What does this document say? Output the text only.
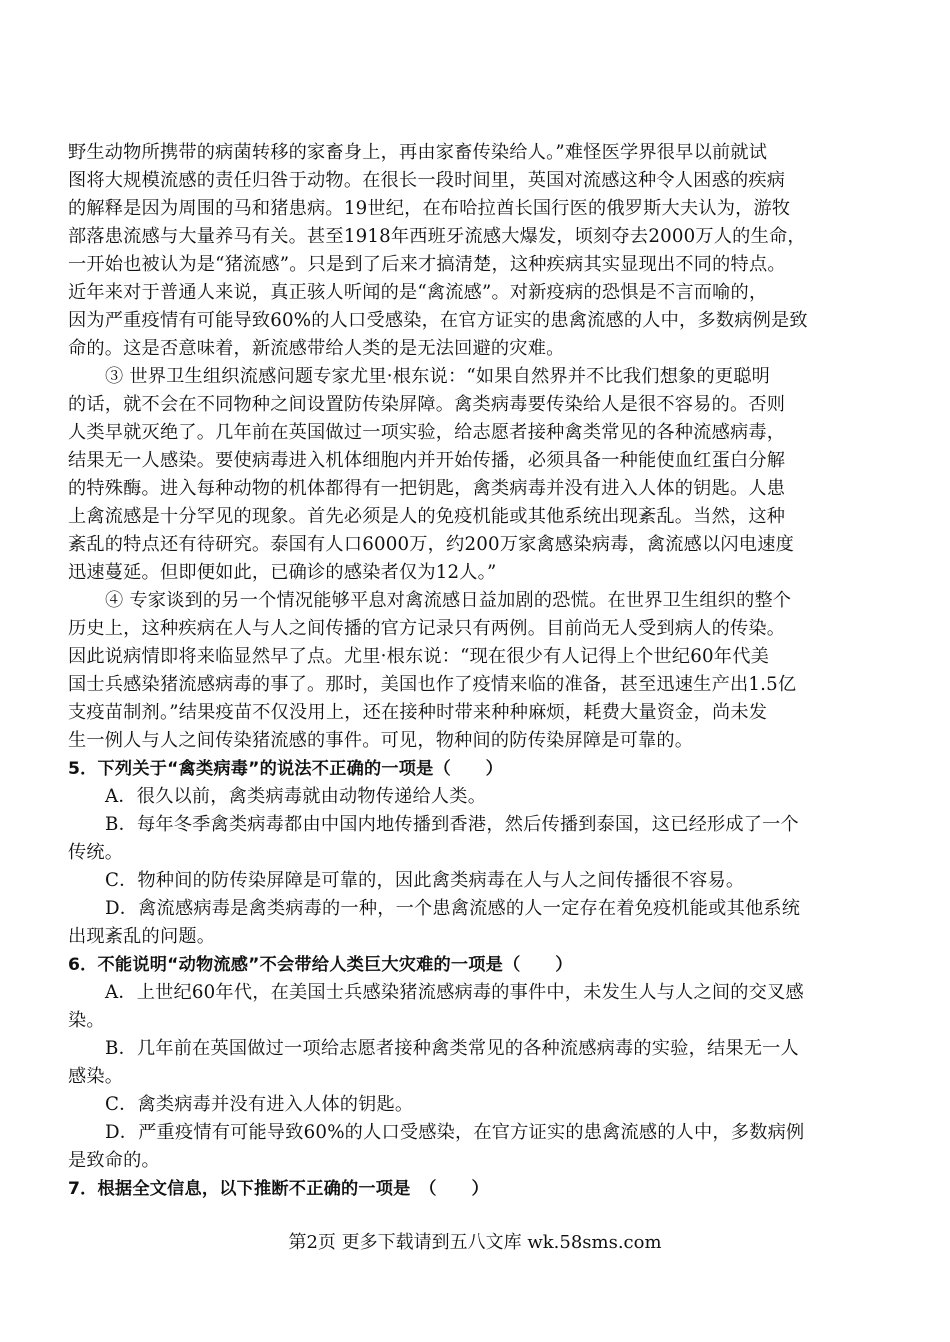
野生动物所携带的病菌转移的家畜身上，再由家畜传染给人。”难怪医学界很早以前就试
图将大规模流感的责任归咎于动物。在很长一段时间里，英国对流感这种令人困惑的疾病
的解释是因为周围的马和猪患病。19世纪，在布哈拉酋长国行医的俄罗斯大夫认为，游牧
部落患流感与大量养马有关。甚至1918年西班牙流感大爆发，顷刻夺去2000万人的生命，
一开始也被认为是“猪流感”。只是到了后来才搞清楚，这种疾病其实显现出不同的特点。
近年来对于普通人来说，真正骇人听闻的是“禽流感”。对新疫病的恐惧是不言而喻的，
因为严重疫情有可能导致60%的人口受感染，在官方证实的患禽流感的人中，多数病例是致
命的。这是否意味着，新流感带给人类的是无法回避的灾难。
③ 世界卫生组织流感问题专家尤里·根东说：“如果自然界并不比我们想象的更聪明
的话，就不会在不同物种之间设置防传染屏障。禽类病毒要传染给人是很不容易的。否则
人类早就灭绝了。几年前在英国做过一项实验，给志愿者接种禽类常见的各种流感病毒，
结果无一人感染。要使病毒进入机体细胞内并开始传播，必须具备一种能使血红蛋白分解
的特殊酶。进入每种动物的机体都得有一把钥匙，禽类病毒并没有进入人体的钥匙。人患
上禽流感是十分罕见的现象。首先必须是人的免疫机能或其他系统出现紊乱。当然，这种
紊乱的特点还有待研究。泰国有人口6000万，约200万家禽感染病毒，禽流感以闪电速度
迅速蔓延。但即便如此，已确诊的感染者仅为12人。”
④ 专家谈到的另一个情况能够平息对禽流感日益加剧的恐慌。在世界卫生组织的整个
历史上，这种疾病在人与人之间传播的官方记录只有两例。目前尚无人受到病人的传染。
因此说病情即将来临显然早了点。尤里·根东说：“现在很少有人记得上个世纪60年代美
国士兵感染猪流感病毒的事了。那时，美国也作了疫情来临的准备，甚至迅速生产出1.5亿
支疫苗制剂。”结果疫苗不仅没用上，还在接种时带来种种麻烦，耗费大量资金，尚未发
生一例人与人之间传染猪流感的事件。可见，物种间的防传染屏障是可靠的。
5．下列关于“禽类病毒”的说法不正确的一项是（　　）
A．很久以前，禽类病毒就由动物传递给人类。
B．每年冬季禽类病毒都由中国内地传播到香港，然后传播到泰国，这已经形成了一个
传统。
C．物种间的防传染屏障是可靠的，因此禽类病毒在人与人之间传播很不容易。
D．禽流感病毒是禽类病毒的一种，一个患禽流感的人一定存在着免疫机能或其他系统
出现紊乱的问题。
6．不能说明“动物流感”不会带给人类巨大灾难的一项是（　　）
A．上世纪60年代，在美国士兵感染猪流感病毒的事件中，未发生人与人之间的交叉感
染。
B．几年前在英国做过一项给志愿者接种禽类常见的各种流感病毒的实验，结果无一人
感染。
C．禽类病毒并没有进入人体的钥匙。
D．严重疫情有可能导致60%的人口受感染，在官方证实的患禽流感的人中，多数病例
是致命的。
7．根据全文信息，以下推断不正确的一项是　（　　）
第2页 更多下载请到五八文库 wk.58sms.com
